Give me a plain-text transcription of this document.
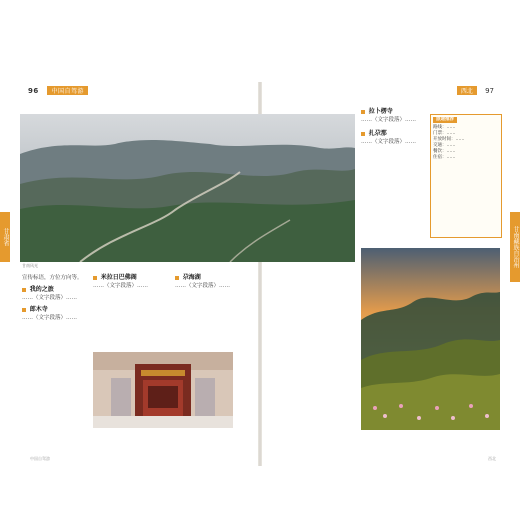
96 中国自驾游	西北 97
甘肃省	甘南藏族自治州
甘南风光
宣传标语，方位方向等。
我的之旅
……（文字段落）……
郎木寺
……（文字段落）……
米拉日巴佛阁
……（文字段落）……
尕海湖
……（文字段落）……
拉卜楞寺
……（文字段落）……
扎尕那
……（文字段落）……
旅途推荐
路线：……
门票：……
开放时间：……
交通：……
餐饮：……
住宿：……
中国自驾游	西北
